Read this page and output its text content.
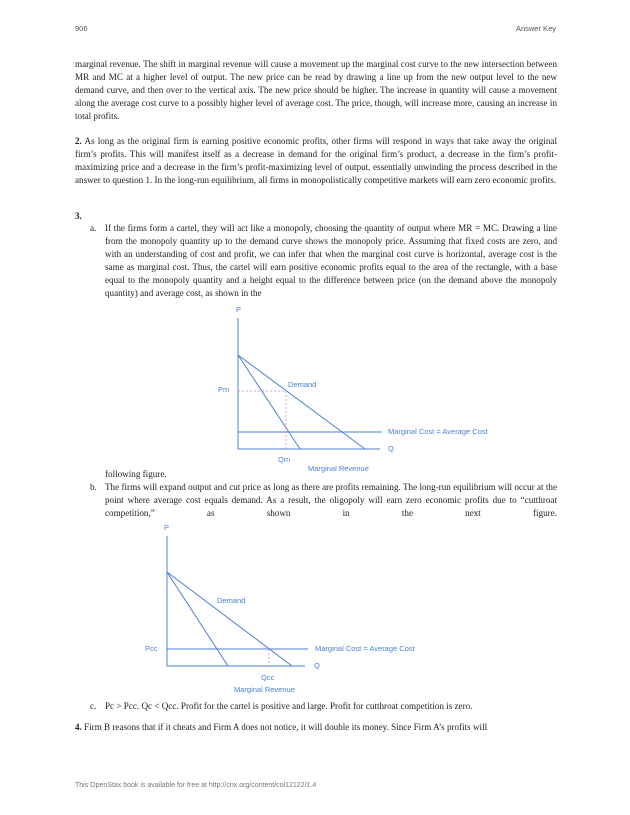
906	Answer Key

marginal revenue. The shift in marginal revenue will cause a movement up the marginal cost curve to the new intersection between MR and MC at a higher level of output. The new price can be read by drawing a line up from the new output level to the new demand curve, and then over to the vertical axis. The new price should be higher. The increase in quantity will cause a movement along the average cost curve to a possibly higher level of average cost. The price, though, will increase more, causing an increase in total profits.

2. As long as the original firm is earning positive economic profits, other firms will respond in ways that take away the original firm’s profits. This will manifest itself as a decrease in demand for the original firm’s product, a decrease in the firm’s profit-maximizing price and a decrease in the firm’s profit-maximizing level of output, essentially unwinding the process described in the answer to question 1. In the long-run equilibrium, all firms in monopolistically competitive markets will earn zero economic profits.

3.
a. If the firms form a cartel, they will act like a monopoly, choosing the quantity of output where MR = MC. Drawing a line from the monopoly quantity up to the demand curve shows the monopoly price. Assuming that fixed costs are zero, and with an understanding of cost and profit, we can infer that when the marginal cost curve is horizontal, average cost is the same as marginal cost. Thus, the cartel will earn positive economic profits equal to the area of the rectangle, with a base equal to the monopoly quantity and a height equal to the difference between price (on the demand above the monopoly quantity) and average cost, as shown in the
P
Q
Pm
Qm
Demand
Marginal Cost = Average Cost
Marginal Revenue
following figure.
b. The firms will expand output and cut price as long as there are profits remaining. The long-run equilibrium will occur at the point where average cost equals demand. As a result, the oligopoly will earn zero economic profits due to “cutthroat competition,” as shown in the next figure.
P
Q
Pcc
Qcc
Demand
Marginal Cost = Average Cost
Marginal Revenue
c. Pc > Pcc. Qc < Qcc. Profit for the cartel is positive and large. Profit for cutthroat competition is zero.

4. Firm B reasons that if it cheats and Firm A does not notice, it will double its money. Since Firm A’s profits will

This OpenStax book is available for free at http://cnx.org/content/col12122/1.4
